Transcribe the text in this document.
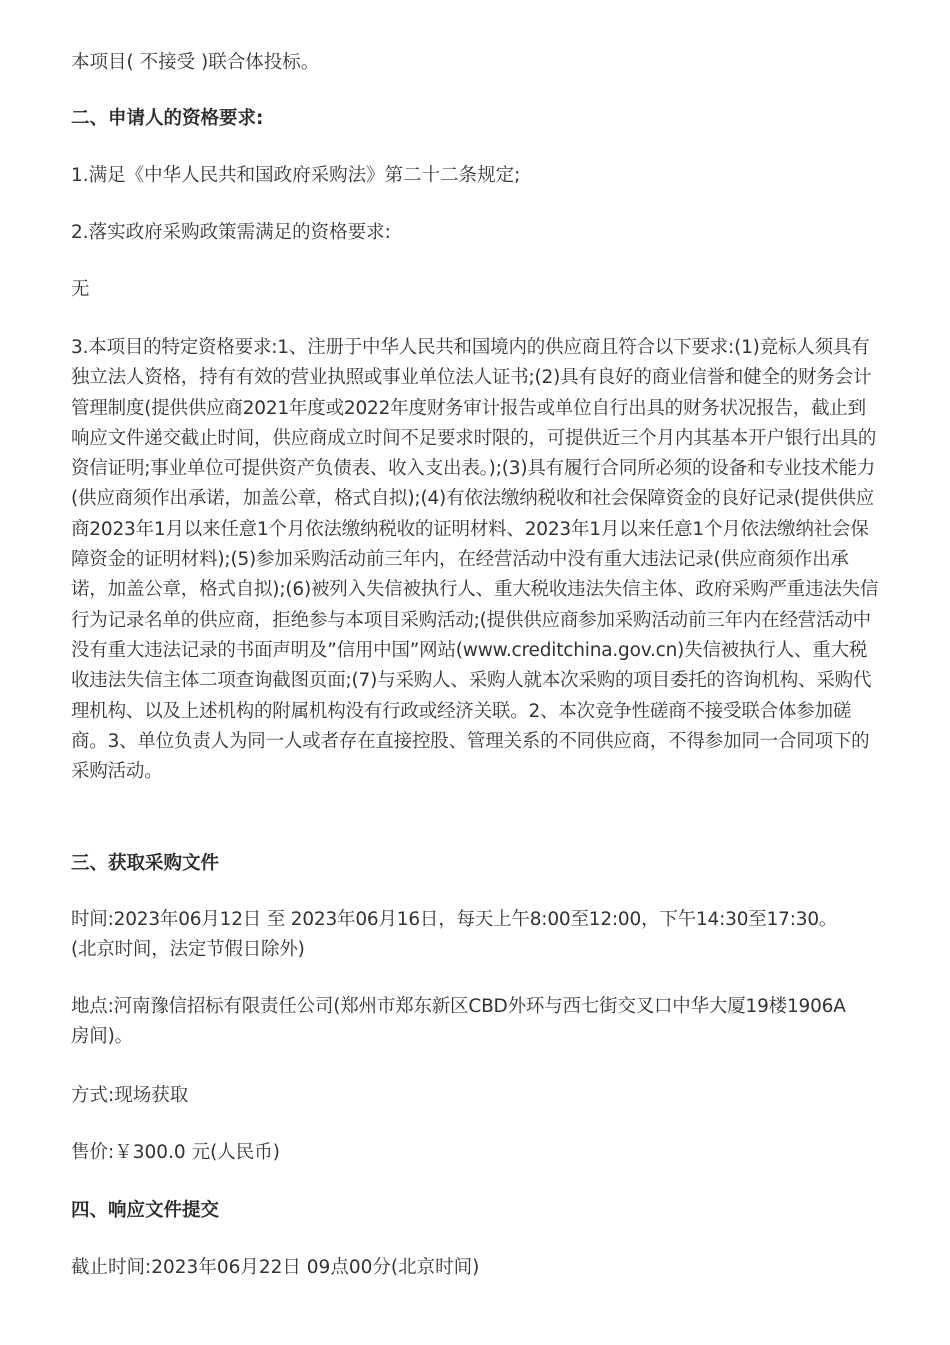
本项目( 不接受 )联合体投标。
二、申请人的资格要求:
1.满足《中华人民共和国政府采购法》第二十二条规定;
2.落实政府采购政策需满足的资格要求:
无
3.本项目的特定资格要求:1、注册于中华人民共和国境内的供应商且符合以下要求:(1)竞标人须具有独立法人资格，持有有效的营业执照或事业单位法人证书;(2)具有良好的商业信誉和健全的财务会计管理制度(提供供应商2021年度或2022年度财务审计报告或单位自行出具的财务状况报告，截止到响应文件递交截止时间，供应商成立时间不足要求时限的，可提供近三个月内其基本开户银行出具的资信证明;事业单位可提供资产负债表、收入支出表。);(3)具有履行合同所必须的设备和专业技术能力(供应商须作出承诺，加盖公章，格式自拟);(4)有依法缴纳税收和社会保障资金的良好记录(提供供应商2023年1月以来任意1个月依法缴纳税收的证明材料、2023年1月以来任意1个月依法缴纳社会保障资金的证明材料);(5)参加采购活动前三年内，在经营活动中没有重大违法记录(供应商须作出承诺，加盖公章，格式自拟);(6)被列入失信被执行人、重大税收违法失信主体、政府采购严重违法失信行为记录名单的供应商，拒绝参与本项目采购活动;(提供供应商参加采购活动前三年内在经营活动中没有重大违法记录的书面声明及”信用中国”网站(www.creditchina.gov.cn)失信被执行人、重大税收违法失信主体二项查询截图页面;(7)与采购人、采购人就本次采购的项目委托的咨询机构、采购代理机构、以及上述机构的附属机构没有行政或经济关联。2、本次竞争性磋商不接受联合体参加磋商。3、单位负责人为同一人或者存在直接控股、管理关系的不同供应商，不得参加同一合同项下的采购活动。
三、获取采购文件
时间:2023年06月12日 至 2023年06月16日，每天上午8:00至12:00，下午14:30至17:30。(北京时间，法定节假日除外)
地点:河南豫信招标有限责任公司(郑州市郑东新区CBD外环与西七街交叉口中华大厦19楼1906A房间)。
方式:现场获取
售价:￥300.0 元(人民币)
四、响应文件提交
截止时间:2023年06月22日 09点00分(北京时间)
